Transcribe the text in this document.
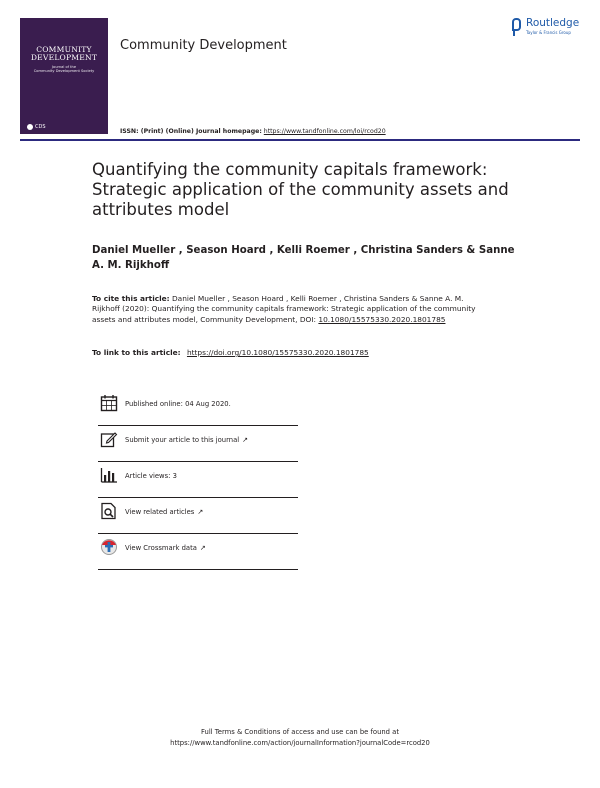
COMMUNITY
DEVELOPMENT
Journal of the
Community Development Society
CDS
Community Development
Routledge
Taylor & Francis Group
ISSN: (Print) (Online) Journal homepage: https://www.tandfonline.com/loi/rcod20
Quantifying the community capitals framework: Strategic application of the community assets and attributes model
Daniel Mueller , Season Hoard , Kelli Roemer , Christina Sanders & Sanne A. M. Rijkhoff
To cite this article: Daniel Mueller , Season Hoard , Kelli Roemer , Christina Sanders & Sanne A. M. Rijkhoff (2020): Quantifying the community capitals framework: Strategic application of the community assets and attributes model, Community Development, DOI: 10.1080/15575330.2020.1801785
To link to this article: https://doi.org/10.1080/15575330.2020.1801785
Published online: 04 Aug 2020.
Submit your article to this journal ↗
Article views: 3
View related articles ↗
View Crossmark data ↗
Full Terms & Conditions of access and use can be found at
https://www.tandfonline.com/action/journalInformation?journalCode=rcod20
